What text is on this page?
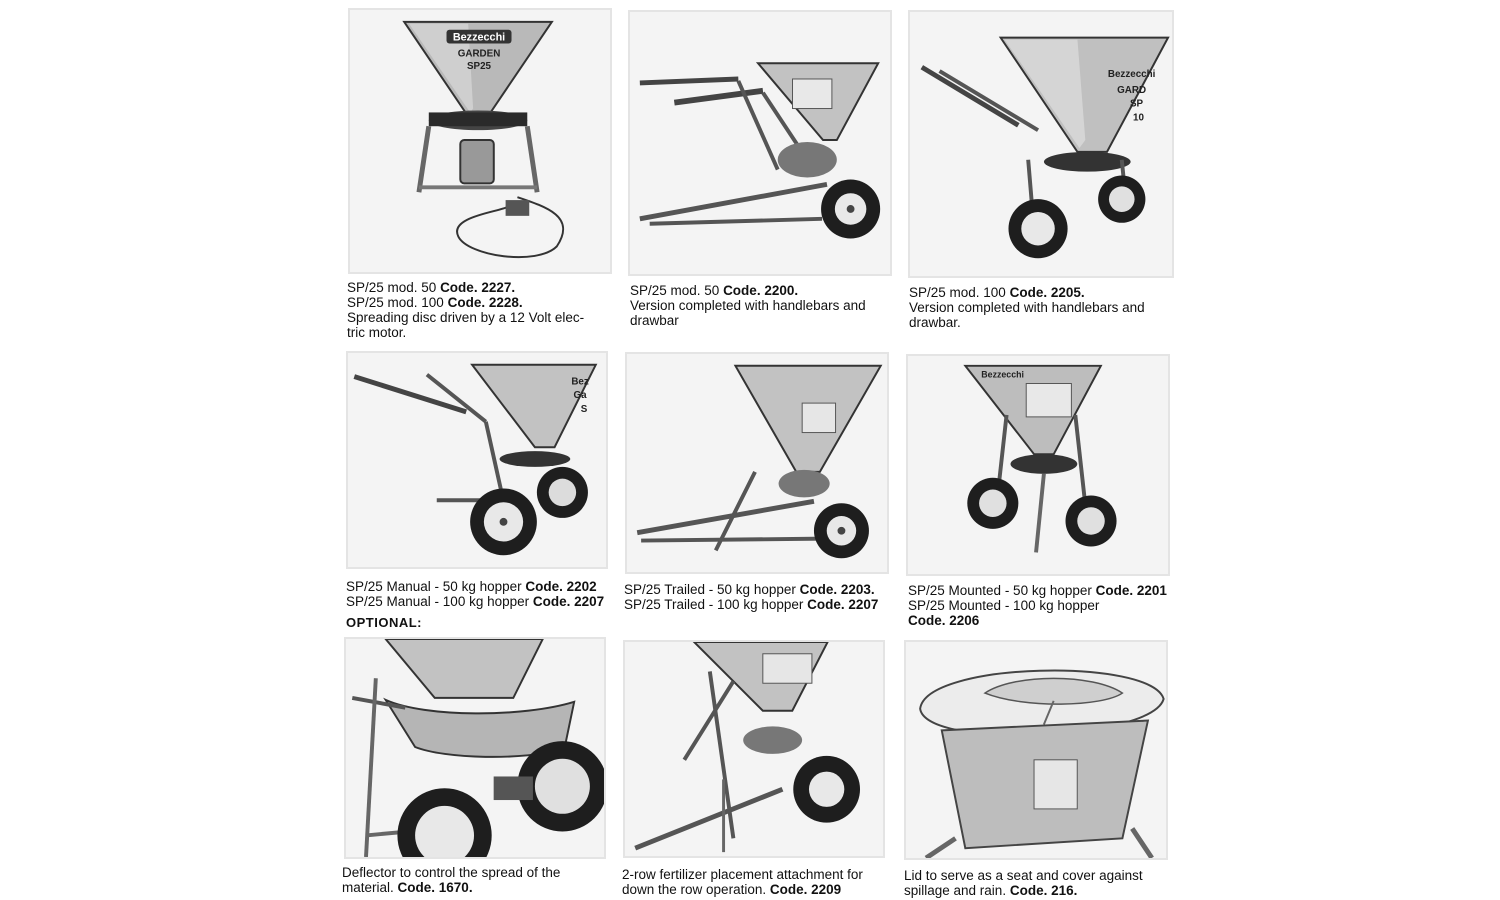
OPTIONAL:
Bezzecchi
GARDEN
SP25
Bezzecchi
GARD
SP
10
SP/25 mod. 50 Code. 2227.
SP/25 mod. 100 Code. 2228.
Spreading disc driven by a 12 Volt elec-
tric motor.
SP/25 mod. 50 Code. 2200.
Version completed with handlebars and
drawbar
SP/25 mod. 100 Code. 2205.
Version completed with handlebars and
drawbar.
Bez
Ga
S
Bezzecchi
SP/25 Manual - 50 kg hopper Code. 2202
SP/25 Manual - 100 kg hopper Code. 2207
SP/25 Trailed - 50 kg hopper Code. 2203.
SP/25 Trailed - 100 kg hopper Code. 2207
SP/25 Mounted - 50 kg hopper Code. 2201
SP/25 Mounted - 100 kg hopper
Code. 2206
Deflector to control the spread of the
material. Code. 1670.
2-row fertilizer placement attachment for
down the row operation. Code. 2209
Lid to serve as a seat and cover against
spillage and rain. Code. 216.
